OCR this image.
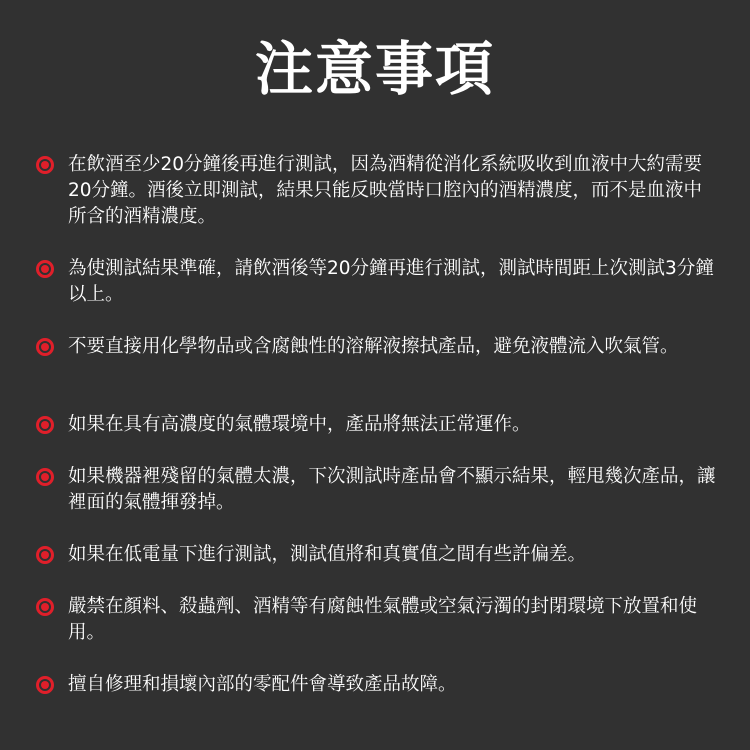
注意事項
在飲酒至少20分鐘後再進行測試，因為酒精從消化系統吸收到血液中大約需要20分鐘。酒後立即測試，結果只能反映當時口腔內的酒精濃度，而不是血液中所含的酒精濃度。
為使測試結果準確，請飲酒後等20分鐘再進行測試，測試時間距上次測試3分鐘以上。
不要直接用化學物品或含腐蝕性的溶解液擦拭產品，避免液體流入吹氣管。
如果在具有高濃度的氣體環境中，產品將無法正常運作。
如果機器裡殘留的氣體太濃，下次測試時產品會不顯示結果，輕甩幾次產品，讓裡面的氣體揮發掉。
如果在低電量下進行測試，測試值將和真實值之間有些許偏差。
嚴禁在顏料、殺蟲劑、酒精等有腐蝕性氣體或空氣污濁的封閉環境下放置和使用。
擅自修理和損壞內部的零配件會導致產品故障。
